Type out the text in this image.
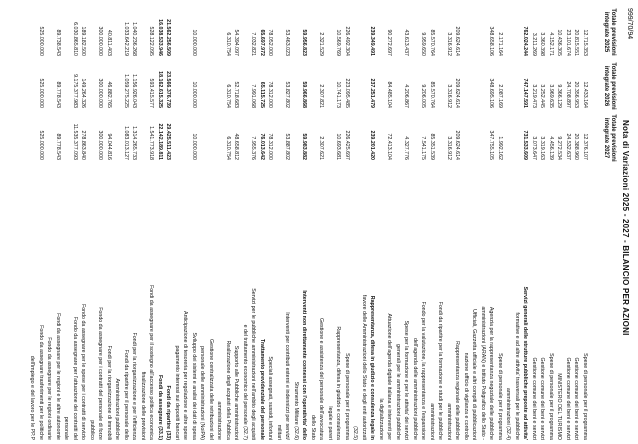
999/70/94
Nota di Variazioni 2025 - 2027 - BILANCIO PER AZIONI
Totale previsioni
integrate 2025
Totale previsioni
integrate 2026
Totale previsioni
integrate 2027
Spese di personale per il programma
12.715.353
12.433.164
12.376.107
Gestione comune dei beni e servizi
20.815.551
20.356.953
20.388.960
Gestione comune dei beni e servizi
23.101.674
24.708.897
24.532.637
MINISTERO DEL TURISMO
10.436.305
9.366.129
9.272.534
Spese di personale per il programma
4.152.171
3.969.635
4.456.139
Gestione comune dei beni e servizi
3.360.398
3.252.445
3.319.163
Gestione comune dei beni e servizi
3.211.269
3.219.473
3.073.647
Servizi generali delle strutture pubbliche preposte ad attivita'
762.024.244
747.147.591
731.533.609
formative e ad altre attivita' trasversali per le pubbliche
amministrazioni (32.4)
Spese di personale per il programma
2.171.164
2.087.169
1.992.162
Agenzia per la rappresentanza negoziale delle pubbliche
348.658.106
348.695.106
347.755.105
amministrazioni (ARAN) e istituto Poligrafico dello Stato -
Ufficiali, Gazzetta ufficiale e altri compiti di pubblicazioni
nazione ufficio di vigilanza e controllo
Rappresentanza regionale delle pubbliche
209.624.614
209.624.614
209.624.614
amministrazioni
3.316.912
3.316.912
3.316.912
Fondi da ripartire per la formazione e studi per le pubbliche
amministrazioni
85.570.764
85.570.764
85.351.539
Fondo per la valutazione, la rappresentanza e l'espansione
9.959.650
9.206.005
7.541.175
dell'agenda delle amministrazioni pubbliche
Spese per la formazione e per le attivita' dei servizi
43.613.437
4.206.867
4.327.776
generali per le amministrazioni pubbliche
Attuazione dell'agenda digitale italiana e interventi per
90.272.697
84.485.104
72.413.104
la digitalizzazione
Rappresentanza, difesa in giudizio e consulenza legale in
239.349.491
237.251.479
239.201.420
favore delle Amministrazioni dello Stato e degli enti autorizzati
(32.5)
Spese di personale per il programma
226.492.304
223.095.485
226.425.697
Rappresentanza, difesa in giudizio e consulenza
10.569.769
10.741.173
10.693.681
legale e pareri
Gestione e assistenza del personale dell'avvocatura
2.321.529
2.307.821
2.307.621
dello Stato
Interventi non direttamente connessi con l'operativita' dello
59.956.823
59.966.868
59.983.882
Strumento Militare (32.6)
Interventi per contributi esterni e indennizzi per servizi/
53.463.023
53.827.802
53.887.802
militari
Speciali assegnati, sussidi, infortuni
78.052.000
78.312.000
78.312.000
Trattamento previdenziale del personale
65.697.972
65.115.725
76.013.642
Servizi per le pubbliche amministrazioni nell'ambito degli acquisti
7.032.821
7.991.068
7.955.376
e del trattamento economico del personale (32.7)
Supporto alle Pubbliche amministrazioni
54.394.097
52.718.683
48.658.812
Realizzazione degli acquisti della Pubblica
6.310.754
6.310.754
6.310.754
amministrazione
Gestione centralizzata delle retribuzioni del
personale delle amministrazioni (NoiPA)
Sviluppo dei sistemi e analisi dei dati di spesa
10.000.000
10.000.000
10.000.000
Anticipazione di tesoreria per regolazione e altre spese
pagamento interessi sui depositi bancari
Fondi da ripartire (33)
21.562.256.509
23.566.376.739
29.425.511.423
Fondi da assegnare (33.1)
16.038.533.946
18.162.615.325
22.142.189.811
Fondi da assegnare per il sostegno all'accesso politica economica
528.122.095
593.415.577
1.541.773.918
finalizzazione delle previsioni
Fondi per la riorganizzazione e per l'efficienza
1.040.236.268
1.156.926.043
1.314.265.733
Fondi da ripartire per il personale dello
1.033.642.219
1.059.275.225
1.083.013.127
Amministrazioni pubbliche
Fondi per la riorganizzazione di immobili
40.811.403
46.882.765
94.044.816
Fondo da assegnare per i contratti del personale di forze
300.000.000
300.000.000
300.000.000
pubblico
Fondo da assegnare per le spese per i contratti di servizio
189.182.500
149.264.326
278.863.840
Fondo da assegnare per l'attuazione dei contratti del
6.030.865.810
9.175.377.983
11.535.377.093
personale
Fondi da assegnare per le regioni e le altre autonomie
89.738.543
89.778.543
89.778.543
Fondo da assegnare per le regioni ordinarie
Fondo da assegnare trasferimenti per le politiche
525.000.000
525.000.000
525.000.000
dell'impiego e del lavoro per le PP.P
